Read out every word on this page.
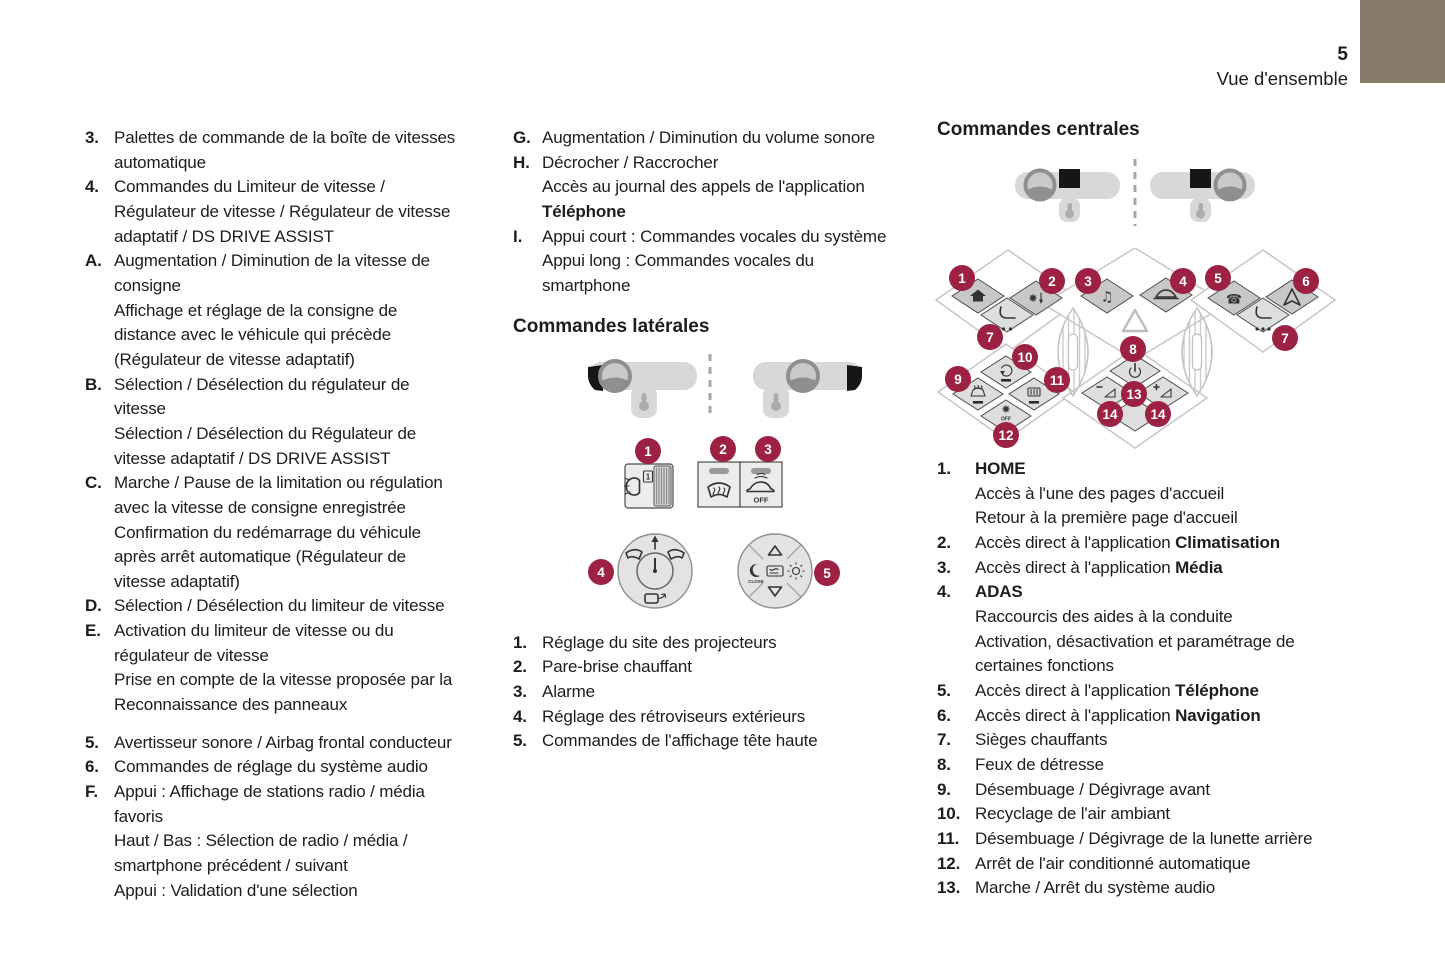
5
Vue d'ensemble
3. Palettes de commande de la boîte de vitesses
automatique
4. Commandes du Limiteur de vitesse /
Régulateur de vitesse / Régulateur de vitesse
adaptatif / DS DRIVE ASSIST
A. Augmentation / Diminution de la vitesse de
consigne
Affichage et réglage de la consigne de
distance avec le véhicule qui précède
(Régulateur de vitesse adaptatif)
B. Sélection / Désélection du régulateur de
vitesse
Sélection / Désélection du Régulateur de
vitesse adaptatif / DS DRIVE ASSIST
C. Marche / Pause de la limitation ou régulation
avec la vitesse de consigne enregistrée
Confirmation du redémarrage du véhicule
après arrêt automatique (Régulateur de
vitesse adaptatif)
D. Sélection / Désélection du limiteur de vitesse
E. Activation du limiteur de vitesse ou du
régulateur de vitesse
Prise en compte de la vitesse proposée par la
Reconnaissance des panneaux
5. Avertisseur sonore / Airbag frontal conducteur
6. Commandes de réglage du système audio
F. Appui : Affichage de stations radio / média
favoris
Haut / Bas : Sélection de radio / média /
smartphone précédent / suivant
Appui : Validation d'une sélection
G. Augmentation / Diminution du volume sonore
H. Décrocher / Raccrocher
Accès au journal des appels de l'application
Téléphone
I.	Appui court : Commandes vocales du système
Appui long : Commandes vocales du
smartphone
Commandes latérales
1
OFF
CLOSE
1	2	3
4	5
1. Réglage du site des projecteurs
2. Pare-brise chauffant
3. Alarme
4. Réglage des rétroviseurs extérieurs
5. Commandes de l'affichage tête haute
Commandes centrales
♫	☎
OFF
1	2 3	4 5	6
7	7
8
9
10
11
12
13
14 14
1.	HOME
Accès à l'une des pages d'accueil
Retour à la première page d'accueil
2.	Accès direct à l'application Climatisation
3.	Accès direct à l'application Média
4.	ADAS
Raccourcis des aides à la conduite
Activation, désactivation et paramétrage de
certaines fonctions
5.	Accès direct à l'application Téléphone
6.	Accès direct à l'application Navigation
7.	Sièges chauffants
8.	Feux de détresse
9.	Désembuage / Dégivrage avant
10. Recyclage de l'air ambiant
11. Désembuage / Dégivrage de la lunette arrière
12. Arrêt de l'air conditionné automatique
13. Marche / Arrêt du système audio
